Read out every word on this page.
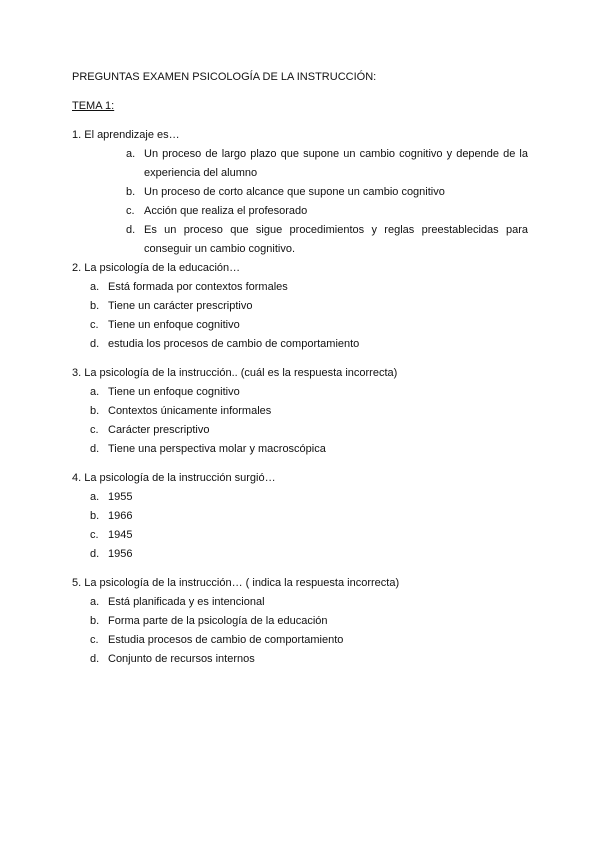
PREGUNTAS EXAMEN PSICOLOGÍA DE LA INSTRUCCIÓN:
TEMA 1:
1. El aprendizaje es…
a. Un proceso de largo plazo que supone un cambio cognitivo y depende de la experiencia del alumno
b. Un proceso de corto alcance que supone un cambio cognitivo
c. Acción que realiza el profesorado
d. Es un proceso que sigue procedimientos y reglas preestablecidas para conseguir un cambio cognitivo.
2. La psicología de la educación…
a. Está formada por contextos formales
b. Tiene un carácter prescriptivo
c. Tiene un enfoque cognitivo
d. estudia los procesos de cambio de comportamiento
3. La psicología de la instrucción.. (cuál es la respuesta incorrecta)
a. Tiene un enfoque cognitivo
b. Contextos únicamente informales
c. Carácter prescriptivo
d. Tiene una perspectiva molar y macroscópica
4. La psicología de la instrucción surgió…
a. 1955
b. 1966
c. 1945
d. 1956
5. La psicología de la instrucción… ( indica la respuesta incorrecta)
a. Está planificada y es intencional
b. Forma parte de la psicología de la educación
c. Estudia procesos de cambio de comportamiento
d. Conjunto de recursos internos
